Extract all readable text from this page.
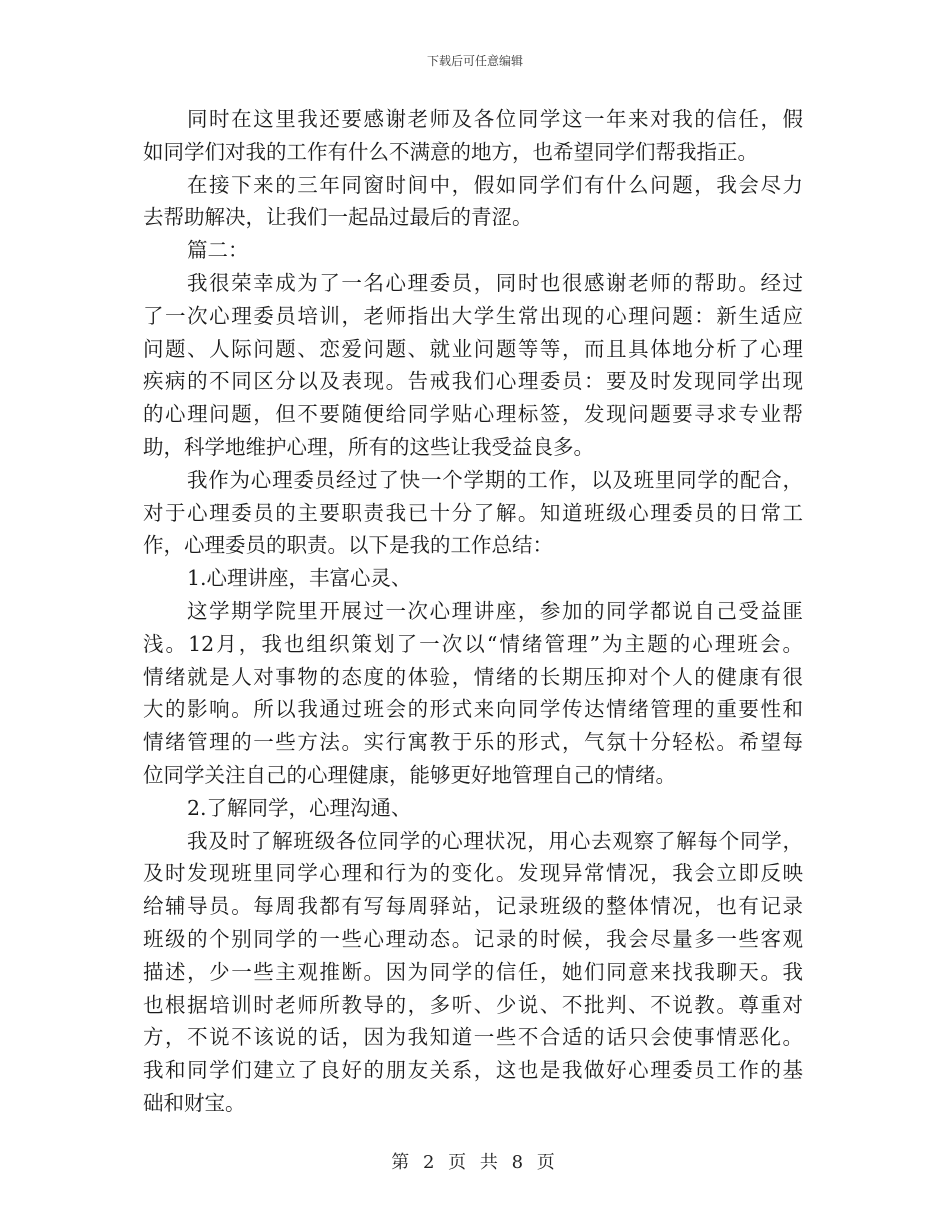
下载后可任意编辑
同时在这里我还要感谢老师及各位同学这一年来对我的信任，假
如同学们对我的工作有什么不满意的地方，也希望同学们帮我指正。
在接下来的三年同窗时间中，假如同学们有什么问题，我会尽力
去帮助解决，让我们一起品过最后的青涩。
篇二：
我很荣幸成为了一名心理委员，同时也很感谢老师的帮助。经过
了一次心理委员培训，老师指出大学生常出现的心理问题：新生适应
问题、人际问题、恋爱问题、就业问题等等，而且具体地分析了心理
疾病的不同区分以及表现。告戒我们心理委员：要及时发现同学出现
的心理问题，但不要随便给同学贴心理标签，发现问题要寻求专业帮
助，科学地维护心理，所有的这些让我受益良多。
我作为心理委员经过了快一个学期的工作，以及班里同学的配合，
对于心理委员的主要职责我已十分了解。知道班级心理委员的日常工
作，心理委员的职责。以下是我的工作总结：
1.心理讲座，丰富心灵、
这学期学院里开展过一次心理讲座，参加的同学都说自己受益匪
浅。12月，我也组织策划了一次以“情绪管理”为主题的心理班会。
情绪就是人对事物的态度的体验，情绪的长期压抑对个人的健康有很
大的影响。所以我通过班会的形式来向同学传达情绪管理的重要性和
情绪管理的一些方法。实行寓教于乐的形式，气氛十分轻松。希望每
位同学关注自己的心理健康，能够更好地管理自己的情绪。
2.了解同学，心理沟通、
我及时了解班级各位同学的心理状况，用心去观察了解每个同学，
及时发现班里同学心理和行为的变化。发现异常情况，我会立即反映
给辅导员。每周我都有写每周驿站，记录班级的整体情况，也有记录
班级的个别同学的一些心理动态。记录的时候，我会尽量多一些客观
描述，少一些主观推断。因为同学的信任，她们同意来找我聊天。我
也根据培训时老师所教导的，多听、少说、不批判、不说教。尊重对
方，不说不该说的话，因为我知道一些不合适的话只会使事情恶化。
我和同学们建立了良好的朋友关系，这也是我做好心理委员工作的基
础和财宝。
第 2 页 共 8 页
